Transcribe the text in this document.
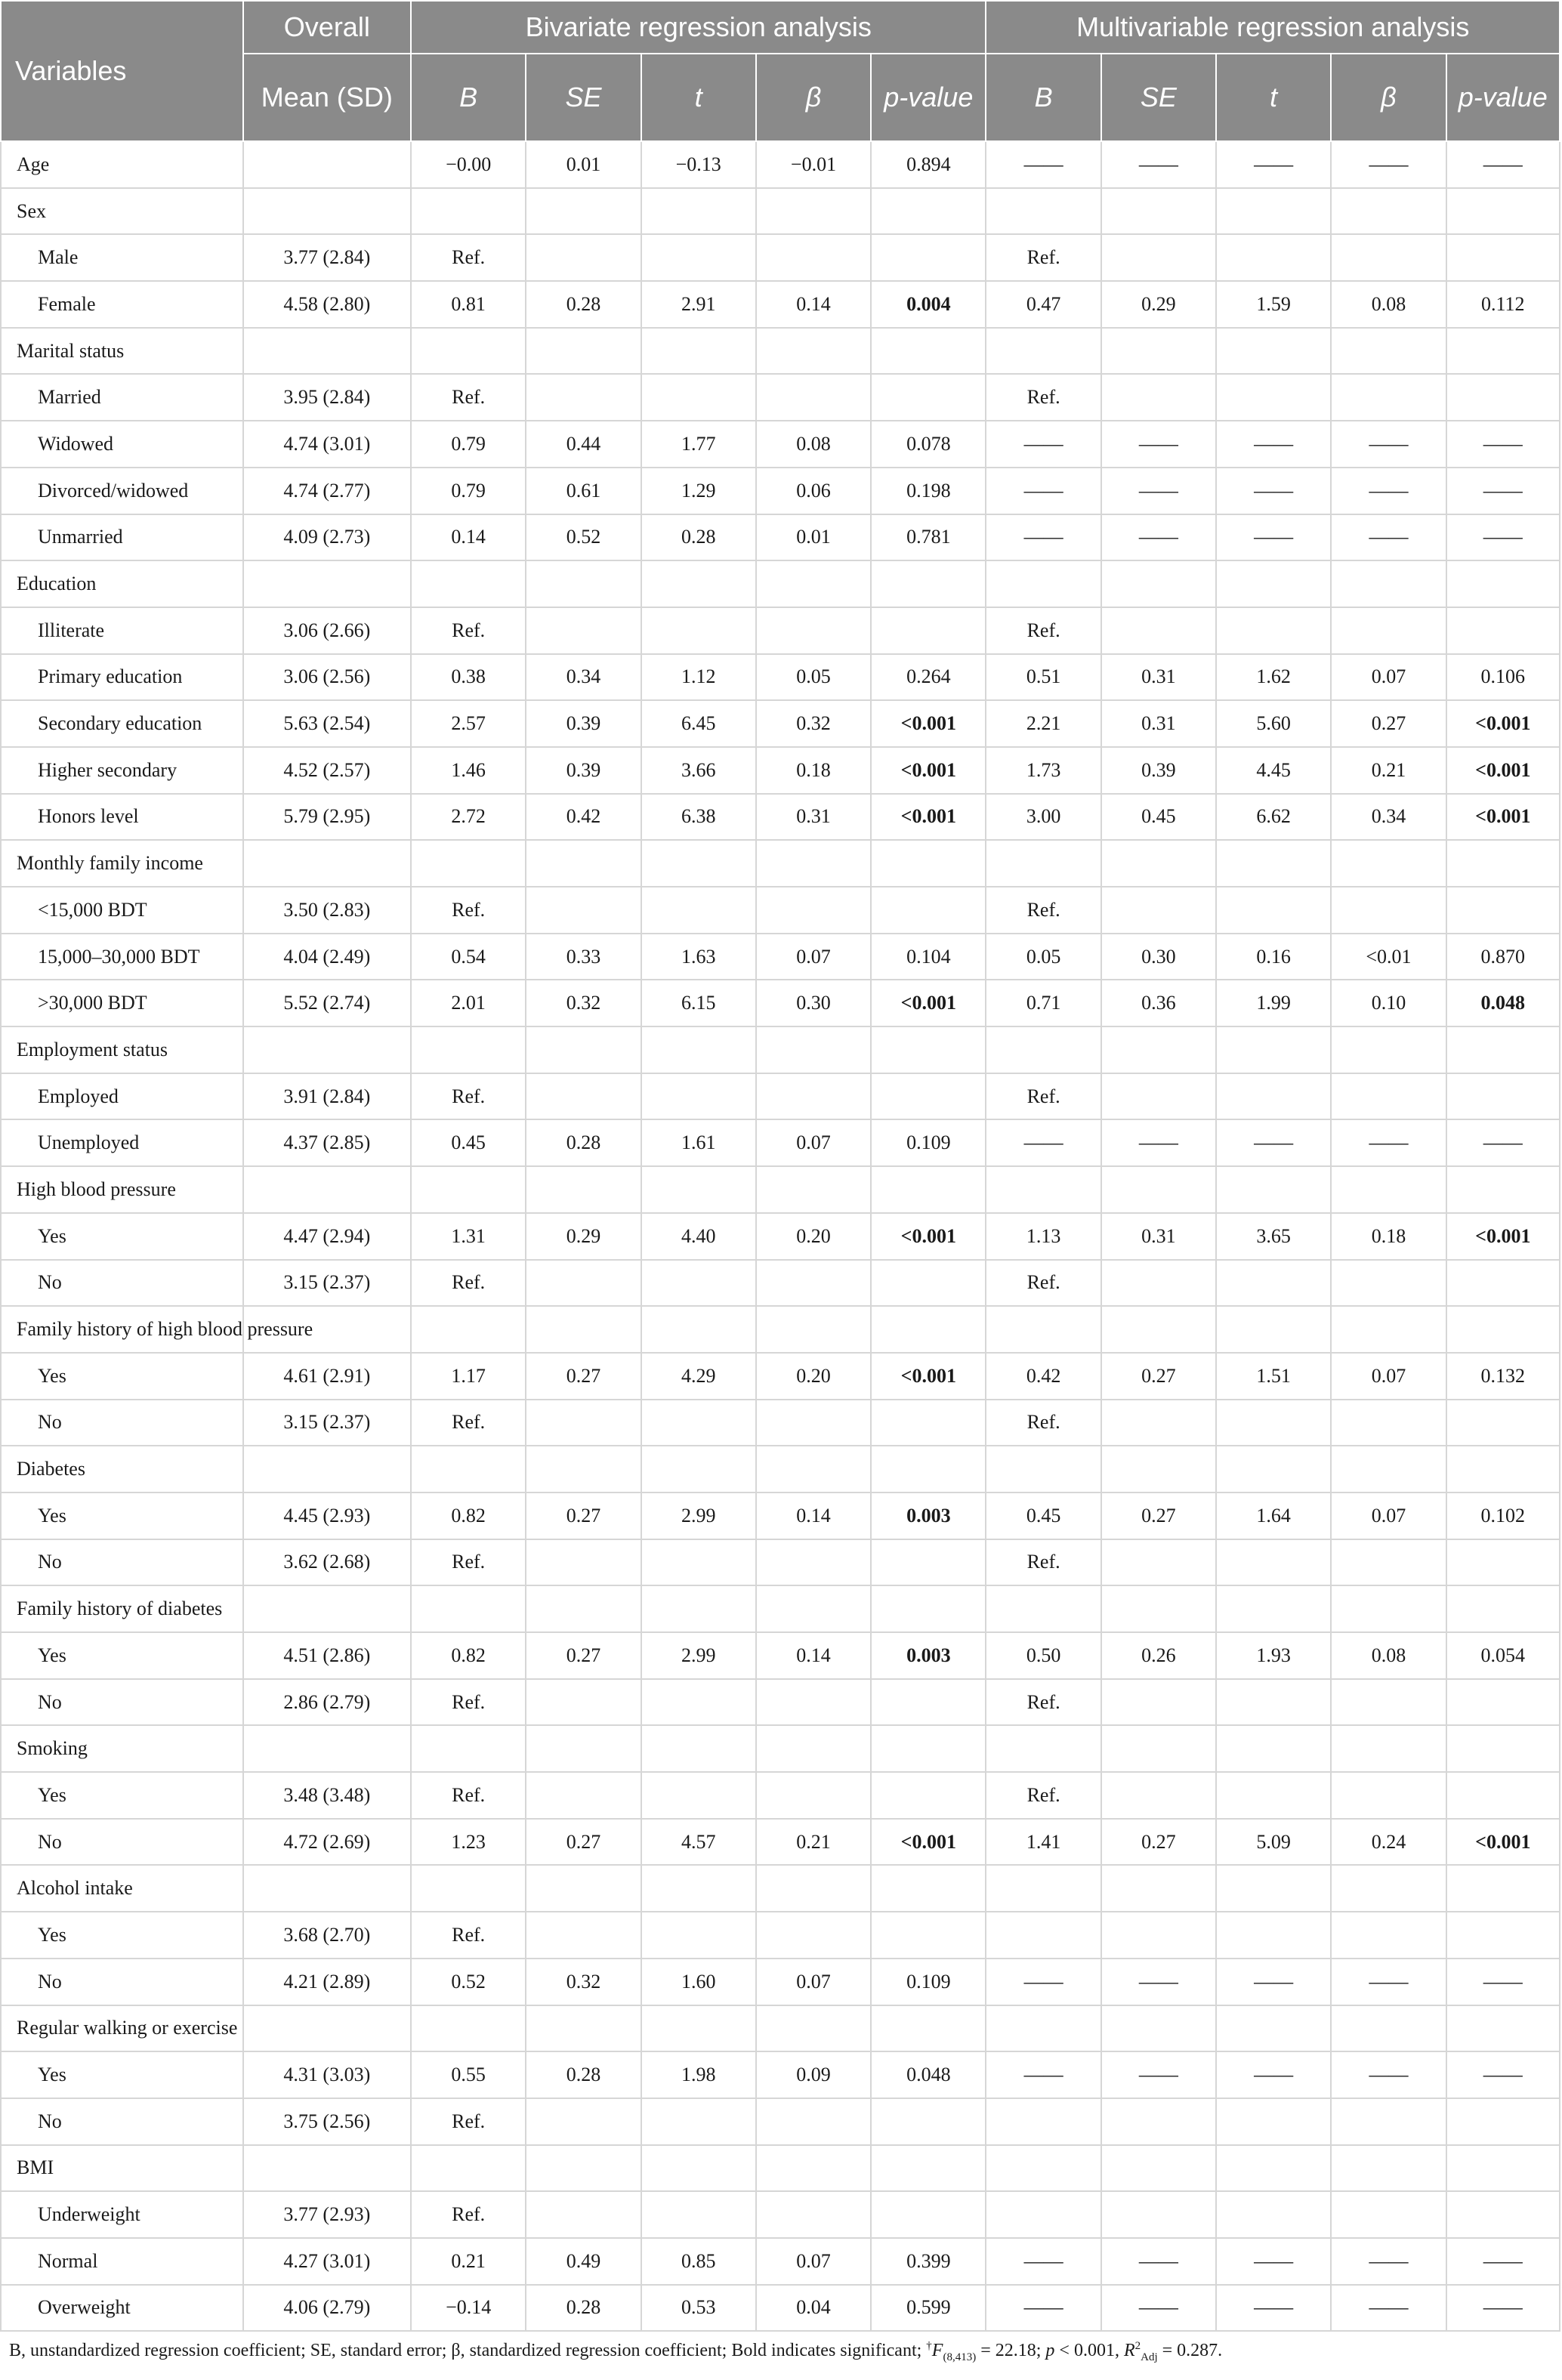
Variables	Overall	Bivariate regression analysis					Multivariable regression analysis				
	Mean (SD)	B	SE	t	β	p-value	B	SE	t	β	p-value
Age		−0.00	0.01	−0.13	−0.01	0.894	——	——	——	——	——
Sex											
Male	3.77 (2.84)	Ref.					Ref.				
Female	4.58 (2.80)	0.81	0.28	2.91	0.14	0.004	0.47	0.29	1.59	0.08	0.112
Marital status											
Married	3.95 (2.84)	Ref.					Ref.				
Widowed	4.74 (3.01)	0.79	0.44	1.77	0.08	0.078	——	——	——	——	——
Divorced/widowed	4.74 (2.77)	0.79	0.61	1.29	0.06	0.198	——	——	——	——	——
Unmarried	4.09 (2.73)	0.14	0.52	0.28	0.01	0.781	——	——	——	——	——
Education											
Illiterate	3.06 (2.66)	Ref.					Ref.				
Primary education	3.06 (2.56)	0.38	0.34	1.12	0.05	0.264	0.51	0.31	1.62	0.07	0.106
Secondary education	5.63 (2.54)	2.57	0.39	6.45	0.32	<0.001	2.21	0.31	5.60	0.27	<0.001
Higher secondary	4.52 (2.57)	1.46	0.39	3.66	0.18	<0.001	1.73	0.39	4.45	0.21	<0.001
Honors level	5.79 (2.95)	2.72	0.42	6.38	0.31	<0.001	3.00	0.45	6.62	0.34	<0.001
Monthly family income											
<15,000 BDT	3.50 (2.83)	Ref.					Ref.				
15,000–30,000 BDT	4.04 (2.49)	0.54	0.33	1.63	0.07	0.104	0.05	0.30	0.16	<0.01	0.870
>30,000 BDT	5.52 (2.74)	2.01	0.32	6.15	0.30	<0.001	0.71	0.36	1.99	0.10	0.048
Employment status											
Employed	3.91 (2.84)	Ref.					Ref.				
Unemployed	4.37 (2.85)	0.45	0.28	1.61	0.07	0.109	——	——	——	——	——
High blood pressure											
Yes	4.47 (2.94)	1.31	0.29	4.40	0.20	<0.001	1.13	0.31	3.65	0.18	<0.001
No	3.15 (2.37)	Ref.					Ref.				
Family history of high blood pressure											
Yes	4.61 (2.91)	1.17	0.27	4.29	0.20	<0.001	0.42	0.27	1.51	0.07	0.132
No	3.15 (2.37)	Ref.					Ref.				
Diabetes											
Yes	4.45 (2.93)	0.82	0.27	2.99	0.14	0.003	0.45	0.27	1.64	0.07	0.102
No	3.62 (2.68)	Ref.					Ref.				
Family history of diabetes											
Yes	4.51 (2.86)	0.82	0.27	2.99	0.14	0.003	0.50	0.26	1.93	0.08	0.054
No	2.86 (2.79)	Ref.					Ref.				
Smoking											
Yes	3.48 (3.48)	Ref.					Ref.				
No	4.72 (2.69)	1.23	0.27	4.57	0.21	<0.001	1.41	0.27	5.09	0.24	<0.001
Alcohol intake											
Yes	3.68 (2.70)	Ref.									
No	4.21 (2.89)	0.52	0.32	1.60	0.07	0.109	——	——	——	——	——
Regular walking or exercise											
Yes	4.31 (3.03)	0.55	0.28	1.98	0.09	0.048	——	——	——	——	——
No	3.75 (2.56)	Ref.									
BMI											
Underweight	3.77 (2.93)	Ref.									
Normal	4.27 (3.01)	0.21	0.49	0.85	0.07	0.399	——	——	——	——	——
Overweight	4.06 (2.79)	−0.14	0.28	0.53	0.04	0.599	——	——	——	——	——
B, unstandardized regression coefficient; SE, standard error; β, standardized regression coefficient; Bold indicates significant; $^\dagger F_{(8,413)} = 22.18$; p < 0.001, $R^2_{Adj} = 0.287$.
